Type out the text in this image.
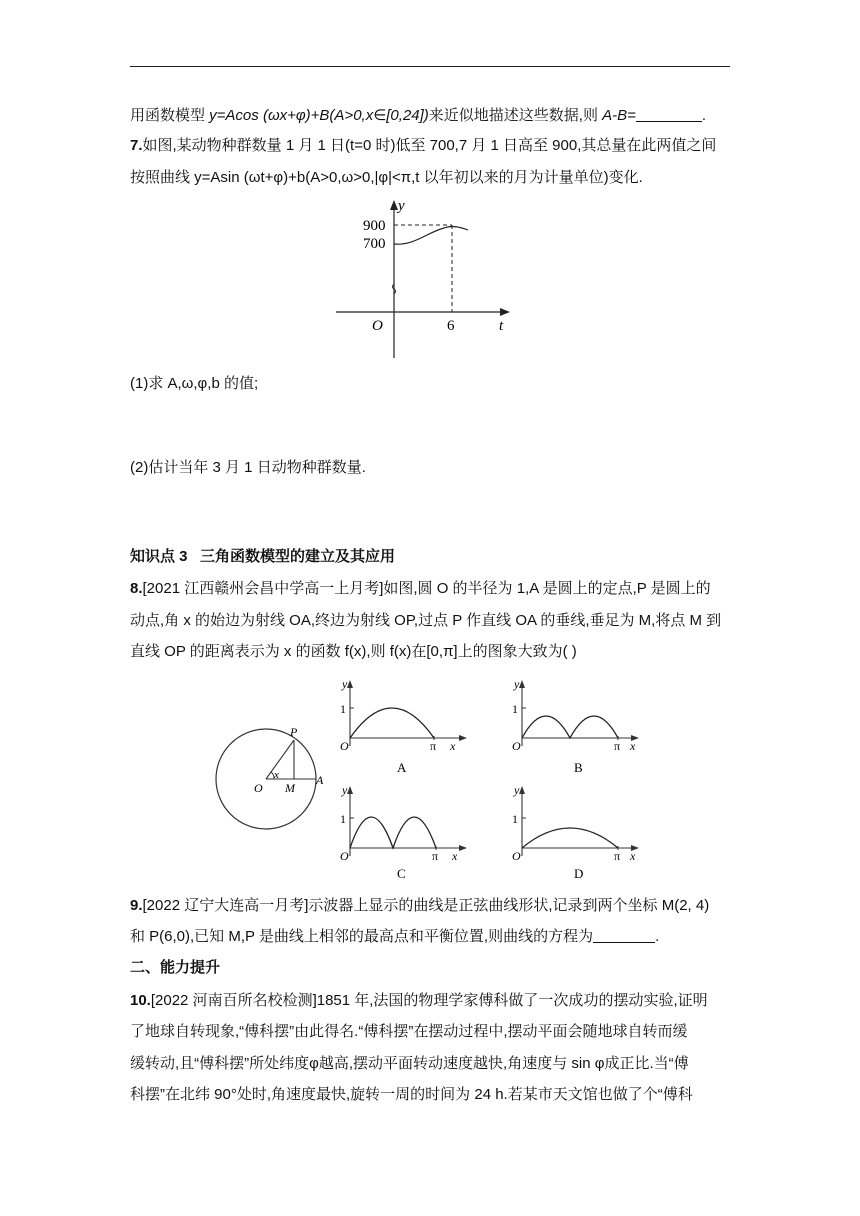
用函数模型 y=Acos (ωx+φ)+B(A>0,x∈[0,24])来近似地描述这些数据,则 A-B=	.
7.如图,某动物种群数量 1 月 1 日(t=0 时)低至 700,7 月 1 日高至 900,其总量在此两值之间
按照曲线 y=Asin (ωt+φ)+b(A>0,ω>0,|φ|<π,t 以年初以来的月为计量单位)变化.
y
900
700
O	6	t
(1)求 A,ω,φ,b 的值;
(2)估计当年 3 月 1 日动物种群数量.
知识点 3 三角函数模型的建立及其应用
8.[2021 江西赣州会昌中学高一上月考]如图,圆 O 的半径为 1,A 是圆上的定点,P 是圆上的
动点,角 x 的始边为射线 OA,终边为射线 OP,过点 P 作直线 OA 的垂线,垂足为 M,将点 M 到
直线 OP 的距离表示为 x 的函数 f(x),则 f(x)在[0,π]上的图象大致为( )
O M
A
P
x
y
1
O	π x
A
y
1
O	π x
B
y
1
O	π x
C
y
1
O	π x
D
9.[2022 辽宁大连高一月考]示波器上显示的曲线是正弦曲线形状,记录到两个坐标 M(2, 4)
和 P(6,0),已知 M,P 是曲线上相邻的最高点和平衡位置,则曲线的方程为	.
二、能力提升
10.[2022 河南百所名校检测]1851 年,法国的物理学家傅科做了一次成功的摆动实验,证明
了地球自转现象,“傅科摆”由此得名.“傅科摆”在摆动过程中,摆动平面会随地球自转而缓
缓转动,且“傅科摆”所处纬度φ越高,摆动平面转动速度越快,角速度与 sin φ成正比.当“傅
科摆”在北纬 90°处时,角速度最快,旋转一周的时间为 24 h.若某市天文馆也做了个“傅科
